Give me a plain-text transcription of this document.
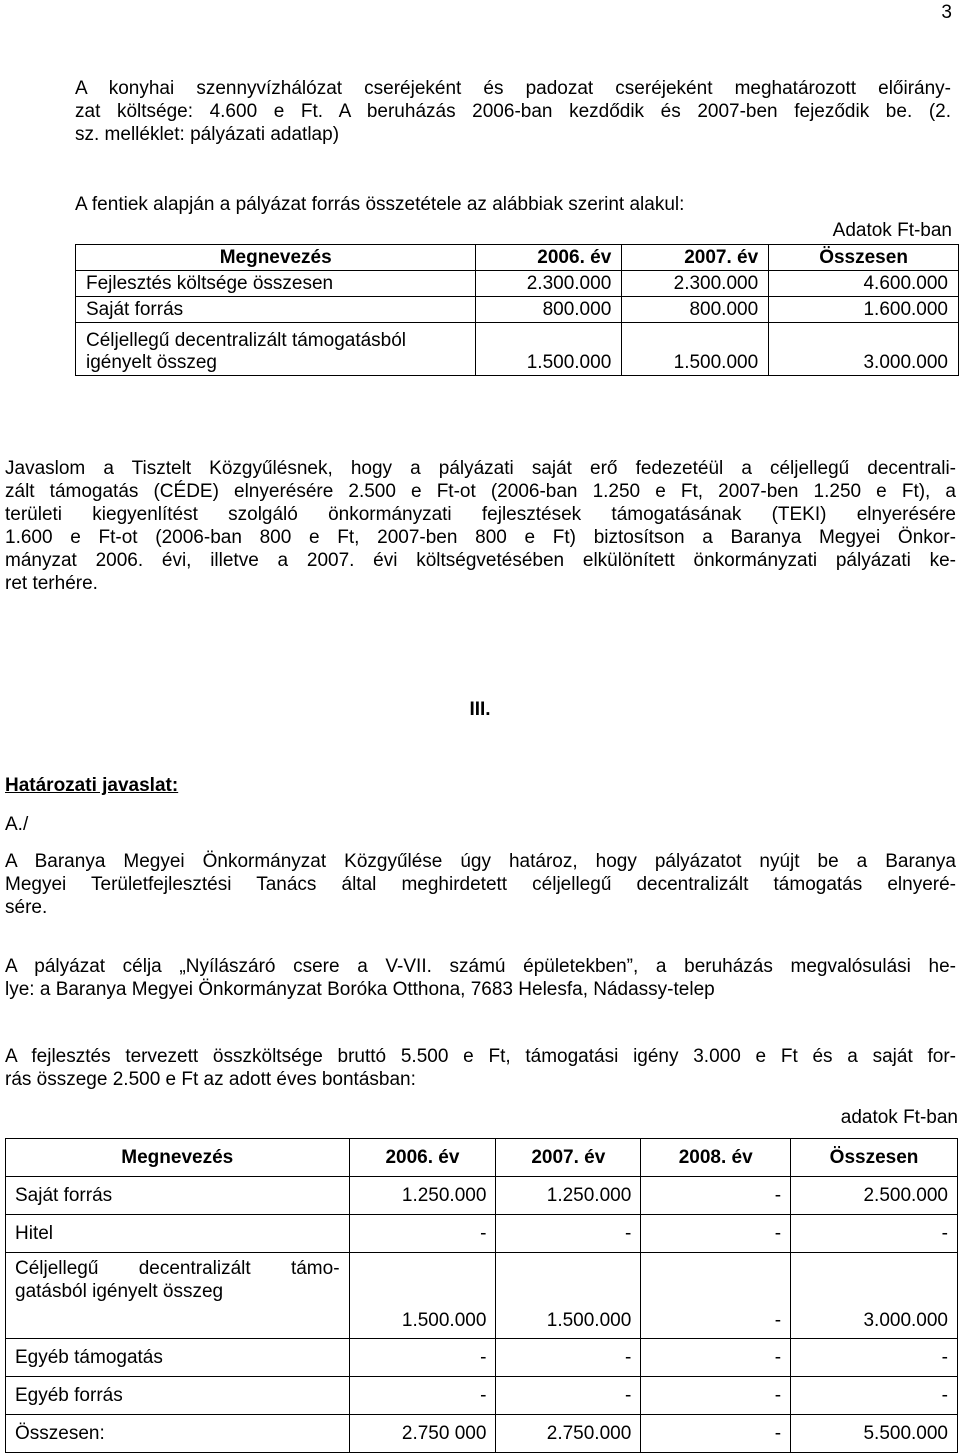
3
A konyhai szennyvízhálózat cseréjeként és padozat cseréjeként meghatározott előirány-
zat költsége: 4.600 e Ft. A beruházás 2006-ban kezdődik és 2007-ben fejeződik be. (2.
sz. melléklet: pályázati adatlap)
A fentiek alapján a pályázat forrás összetétele az alábbiak szerint alakul:
Adatok Ft-ban
Megnevezés	2006. év	2007. év	Összesen
Fejlesztés költsége összesen	2.300.000	2.300.000	4.600.000
Saját forrás	800.000	800.000	1.600.000

Céljellegű decentralizált támogatásból
igényelt összeg	1.500.000	1.500.000	3.000.000
Javaslom a Tisztelt Közgyűlésnek, hogy a pályázati saját erő fedezetéül a céljellegű decentrali-
zált támogatás (CÉDE) elnyerésére 2.500 e Ft-ot (2006-ban 1.250 e Ft, 2007-ben 1.250 e Ft), a
területi kiegyenlítést szolgáló önkormányzati fejlesztések támogatásának (TEKI) elnyerésére
1.600 e Ft-ot (2006-ban 800 e Ft, 2007-ben 800 e Ft) biztosítson a Baranya Megyei Önkor-
mányzat 2006. évi, illetve a 2007. évi költségvetésében elkülönített önkormányzati pályázati ke-
ret terhére.
III.
Határozati javaslat:
A./
A Baranya Megyei Önkormányzat Közgyűlése úgy határoz, hogy pályázatot nyújt be a Baranya
Megyei Területfejlesztési Tanács által meghirdetett céljellegű decentralizált támogatás elnyeré-
sére.
A pályázat célja „Nyílászáró csere a V-VII. számú épületekben”, a beruházás megvalósulási he-
lye: a Baranya Megyei Önkormányzat Boróka Otthona, 7683 Helesfa, Nádassy-telep
A fejlesztés tervezett összköltsége bruttó 5.500 e Ft, támogatási igény 3.000 e Ft és a saját for-
rás összege 2.500 e Ft az adott éves bontásban:
adatok Ft-ban
Megnevezés	2006. év	2007. év	2008. év	Összesen
Saját forrás	1.250.000	1.250.000	-	2.500.000
Hitel	-	-	-	-

Céljellegű decentralizált támo-
gatásból igényelt összeg	1.500.000	1.500.000	-	3.000.000
Egyéb támogatás	-	-	-	-
Egyéb forrás	-	-	-	-
Összesen:	2.750 000	2.750.000	-	5.500.000
